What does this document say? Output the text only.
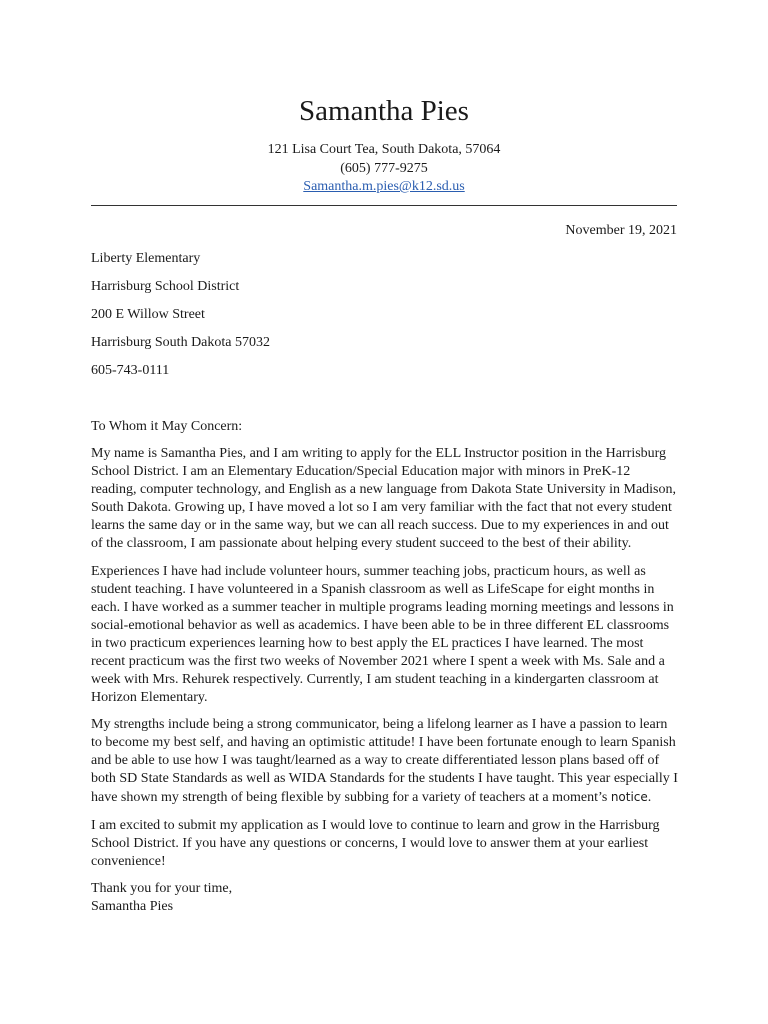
Samantha Pies
121 Lisa Court Tea, South Dakota, 57064
(605) 777-9275
Samantha.m.pies@k12.sd.us
November 19, 2021
Liberty Elementary
Harrisburg School District
200 E Willow Street
Harrisburg South Dakota 57032
605-743-0111

To Whom it May Concern:

My name is Samantha Pies, and I am writing to apply for the ELL Instructor position in the Harrisburg School District. I am an Elementary Education/Special Education major with minors in PreK-12 reading, computer technology, and English as a new language from Dakota State University in Madison, South Dakota. Growing up, I have moved a lot so I am very familiar with the fact that not every student learns the same day or in the same way, but we can all reach success. Due to my experiences in and out of the classroom, I am passionate about helping every student succeed to the best of their ability.

Experiences I have had include volunteer hours, summer teaching jobs, practicum hours, as well as student teaching. I have volunteered in a Spanish classroom as well as LifeScape for eight months in each. I have worked as a summer teacher in multiple programs leading morning meetings and lessons in social-emotional behavior as well as academics. I have been able to be in three different EL classrooms in two practicum experiences learning how to best apply the EL practices I have learned. The most recent practicum was the first two weeks of November 2021 where I spent a week with Ms. Sale and a week with Mrs. Rehurek respectively. Currently, I am student teaching in a kindergarten classroom at Horizon Elementary.

My strengths include being a strong communicator, being a lifelong learner as I have a passion to learn to become my best self, and having an optimistic attitude! I have been fortunate enough to learn Spanish and be able to use how I was taught/learned as a way to create differentiated lesson plans based off of both SD State Standards as well as WIDA Standards for the students I have taught. This year especially I have shown my strength of being flexible by subbing for a variety of teachers at a moment’s notice.

I am excited to submit my application as I would love to continue to learn and grow in the Harrisburg School District. If you have any questions or concerns, I would love to answer them at your earliest convenience!

Thank you for your time,
Samantha Pies
